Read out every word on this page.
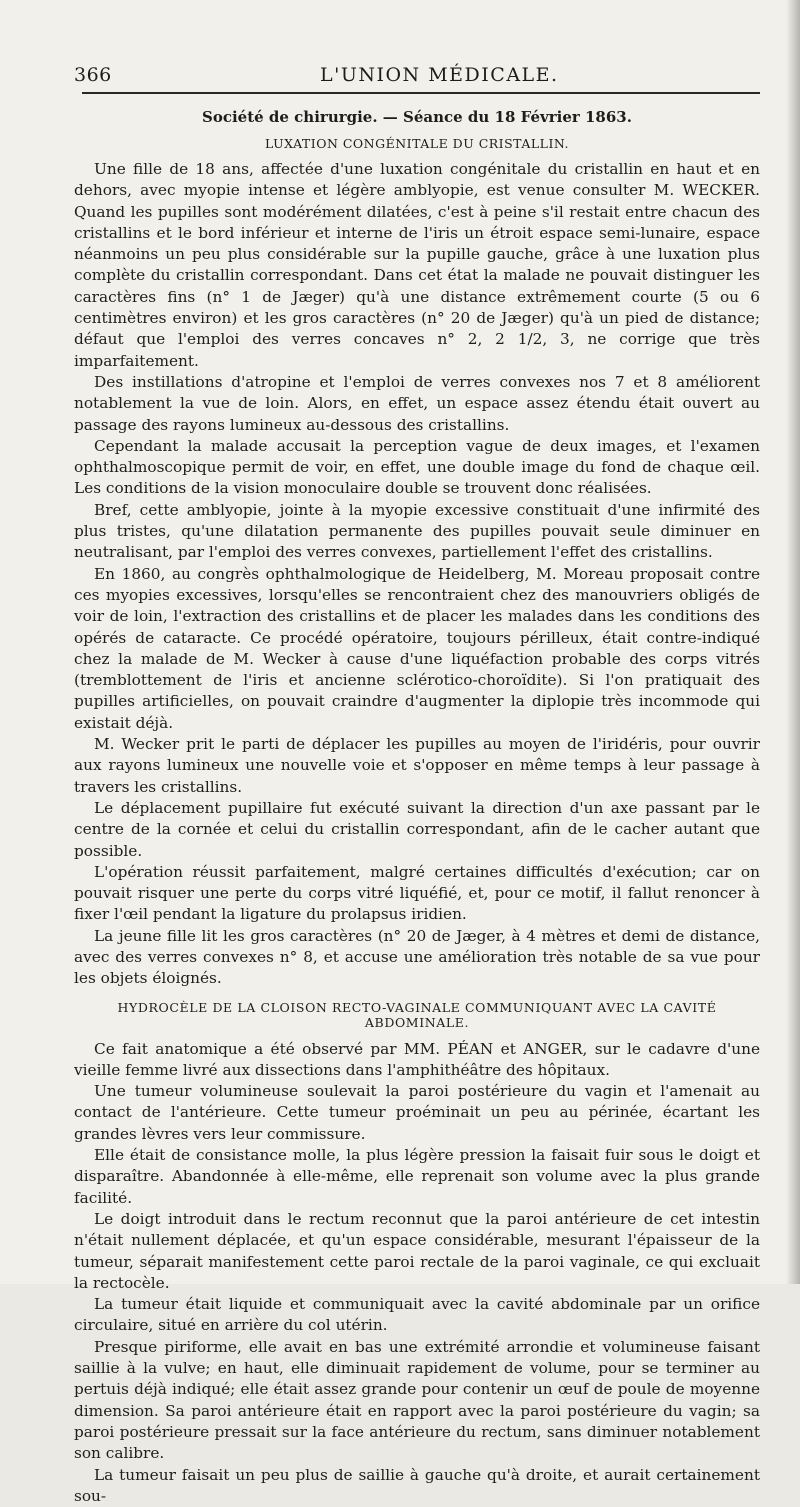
366	L'UNION MÉDICALE.

Société de chirurgie. — Séance du 18 Février 1863.

LUXATION CONGÉNITALE DU CRISTALLIN.

Une fille de 18 ans, affectée d'une luxation congénitale du cristallin en haut et en dehors, avec myopie intense et légère amblyopie, est venue consulter M. WECKER. Quand les pupilles sont modérément dilatées, c'est à peine s'il restait entre chacun des cristallins et le bord inférieur et interne de l'iris un étroit espace semi-lunaire, espace néanmoins un peu plus considérable sur la pupille gauche, grâce à une luxation plus complète du cristallin correspondant. Dans cet état la malade ne pouvait distinguer les caractères fins (n° 1 de Jæger) qu'à une distance extrêmement courte (5 ou 6 centimètres environ) et les gros caractères (n° 20 de Jæger) qu'à un pied de distance; défaut que l'emploi des verres concaves n° 2, 2 1/2, 3, ne corrige que très imparfaitement.

Des instillations d'atropine et l'emploi de verres convexes nos 7 et 8 améliorent notablement la vue de loin. Alors, en effet, un espace assez étendu était ouvert au passage des rayons lumineux au-dessous des cristallins.

Cependant la malade accusait la perception vague de deux images, et l'examen ophthalmoscopique permit de voir, en effet, une double image du fond de chaque œil. Les conditions de la vision monoculaire double se trouvent donc réalisées.

Bref, cette amblyopie, jointe à la myopie excessive constituait d'une infirmité des plus tristes, qu'une dilatation permanente des pupilles pouvait seule diminuer en neutralisant, par l'emploi des verres convexes, partiellement l'effet des cristallins.

En 1860, au congrès ophthalmologique de Heidelberg, M. Moreau proposait contre ces myopies excessives, lorsqu'elles se rencontraient chez des manouvriers obligés de voir de loin, l'extraction des cristallins et de placer les malades dans les conditions des opérés de cataracte. Ce procédé opératoire, toujours périlleux, était contre-indiqué chez la malade de M. Wecker à cause d'une liquéfaction probable des corps vitrés (tremblottement de l'iris et ancienne sclérotico-choroïdite). Si l'on pratiquait des pupilles artificielles, on pouvait craindre d'augmenter la diplopie très incommode qui existait déjà.

M. Wecker prit le parti de déplacer les pupilles au moyen de l'iridéris, pour ouvrir aux rayons lumineux une nouvelle voie et s'opposer en même temps à leur passage à travers les cristallins.

Le déplacement pupillaire fut exécuté suivant la direction d'un axe passant par le centre de la cornée et celui du cristallin correspondant, afin de le cacher autant que possible.

L'opération réussit parfaitement, malgré certaines difficultés d'exécution; car on pouvait risquer une perte du corps vitré liquéfié, et, pour ce motif, il fallut renoncer à fixer l'œil pendant la ligature du prolapsus iridien.

La jeune fille lit les gros caractères (n° 20 de Jæger, à 4 mètres et demi de distance, avec des verres convexes n° 8, et accuse une amélioration très notable de sa vue pour les objets éloignés.

HYDROCÈLE DE LA CLOISON RECTO-VAGINALE COMMUNIQUANT AVEC LA CAVITÉ ABDOMINALE.

Ce fait anatomique a été observé par MM. PÉAN et ANGER, sur le cadavre d'une vieille femme livré aux dissections dans l'amphithéâtre des hôpitaux.

Une tumeur volumineuse soulevait la paroi postérieure du vagin et l'amenait au contact de l'antérieure. Cette tumeur proéminait un peu au périnée, écartant les grandes lèvres vers leur commissure.

Elle était de consistance molle, la plus légère pression la faisait fuir sous le doigt et disparaître. Abandonnée à elle-même, elle reprenait son volume avec la plus grande facilité.

Le doigt introduit dans le rectum reconnut que la paroi antérieure de cet intestin n'était nullement déplacée, et qu'un espace considérable, mesurant l'épaisseur de la tumeur, séparait manifestement cette paroi rectale de la paroi vaginale, ce qui excluait la rectocèle.

La tumeur était liquide et communiquait avec la cavité abdominale par un orifice circulaire, situé en arrière du col utérin.

Presque piriforme, elle avait en bas une extrémité arrondie et volumineuse faisant saillie à la vulve; en haut, elle diminuait rapidement de volume, pour se terminer au pertuis déjà indiqué; elle était assez grande pour contenir un œuf de poule de moyenne dimension. Sa paroi antérieure était en rapport avec la paroi postérieure du vagin; sa paroi postérieure pressait sur la face antérieure du rectum, sans diminuer notablement son calibre.

La tumeur faisait un peu plus de saillie à gauche qu'à droite, et aurait certainement sou-
